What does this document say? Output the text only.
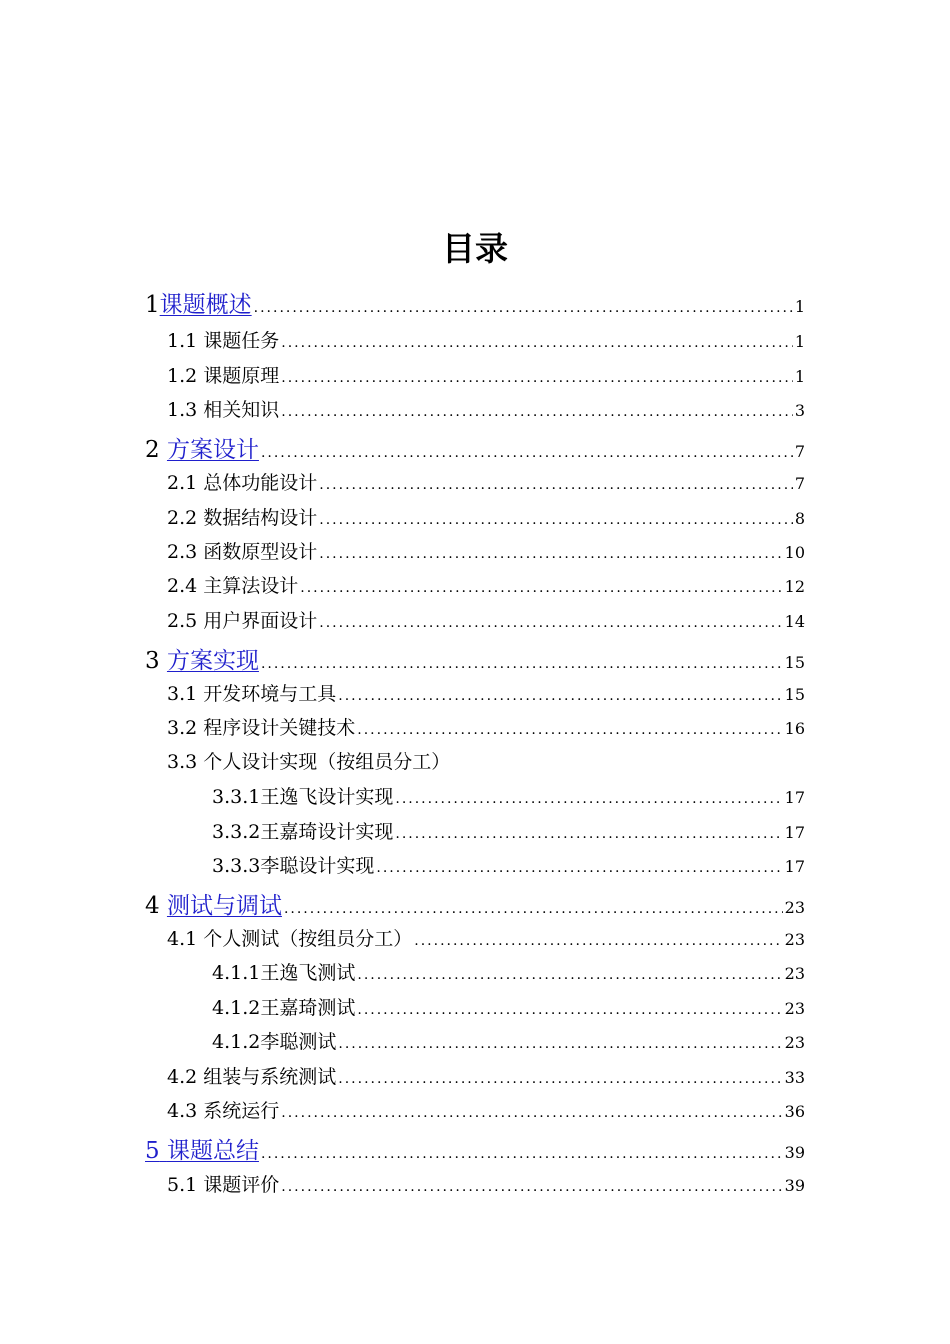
目录
1课题概述 .....	1
1.1 课题任务 .....	1
1.2 课题原理 .....	1
1.3 相关知识 .....	3
2 方案设计 .....	7
2.1 总体功能设计 .....	7
2.2 数据结构设计 .....	8
2.3 函数原型设计 .....	10
2.4 主算法设计 .....	12
2.5 用户界面设计 .....	14
3 方案实现 .....	15
3.1 开发环境与工具 .....	15
3.2 程序设计关键技术 .....	16
3.3 个人设计实现（按组员分工）
3.3.1王逸飞设计实现 .....	17
3.3.2王嘉琦设计实现 .....	17
3.3.3李聪设计实现 .....	17
4 测试与调试 .....	23
4.1 个人测试（按组员分工） .....	23
4.1.1王逸飞测试 .....	23
4.1.2王嘉琦测试 .....	23
4.1.2李聪测试 .....	23
4.2 组装与系统测试 .....	33
4.3 系统运行 .....	36
5 课题总结 .....	39
5.1 课题评价 .....	39
